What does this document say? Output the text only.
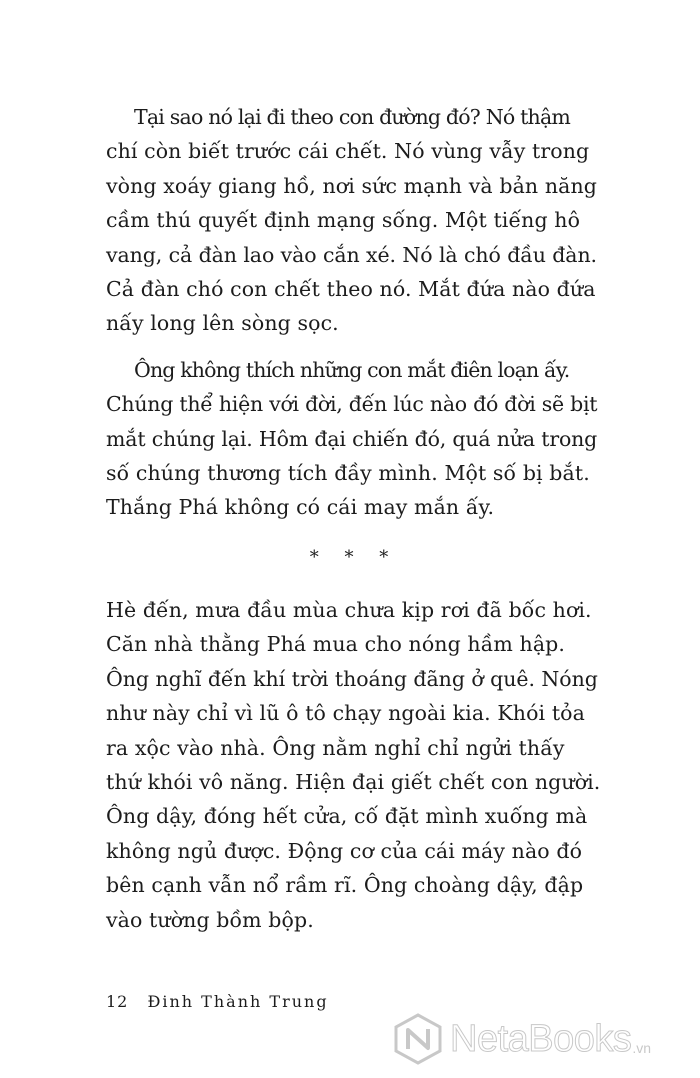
Tại sao nó lại đi theo con đường đó? Nó thậm
chí còn biết trước cái chết. Nó vùng vẫy trong
vòng xoáy giang hồ, nơi sức mạnh và bản năng
cầm thú quyết định mạng sống. Một tiếng hô
vang, cả đàn lao vào cắn xé. Nó là chó đầu đàn.
Cả đàn chó con chết theo nó. Mắt đứa nào đứa
nấy long lên sòng sọc.

Ông không thích những con mắt điên loạn ấy.
Chúng thể hiện với đời, đến lúc nào đó đời sẽ bịt
mắt chúng lại. Hôm đại chiến đó, quá nửa trong
số chúng thương tích đầy mình. Một số bị bắt.
Thắng Phá không có cái may mắn ấy.

* * *

Hè đến, mưa đầu mùa chưa kịp rơi đã bốc hơi.
Căn nhà thằng Phá mua cho nóng hầm hập.
Ông nghĩ đến khí trời thoáng đãng ở quê. Nóng
như này chỉ vì lũ ô tô chạy ngoài kia. Khói tỏa
ra xộc vào nhà. Ông nằm nghỉ chỉ ngửi thấy
thứ khói vô năng. Hiện đại giết chết con người.
Ông dậy, đóng hết cửa, cố đặt mình xuống mà
không ngủ được. Động cơ của cái máy nào đó
bên cạnh vẫn nổ rầm rĩ. Ông choàng dậy, đập
vào tường bồm bộp.

12 Đinh Thành Trung
NetaBooks .vn
